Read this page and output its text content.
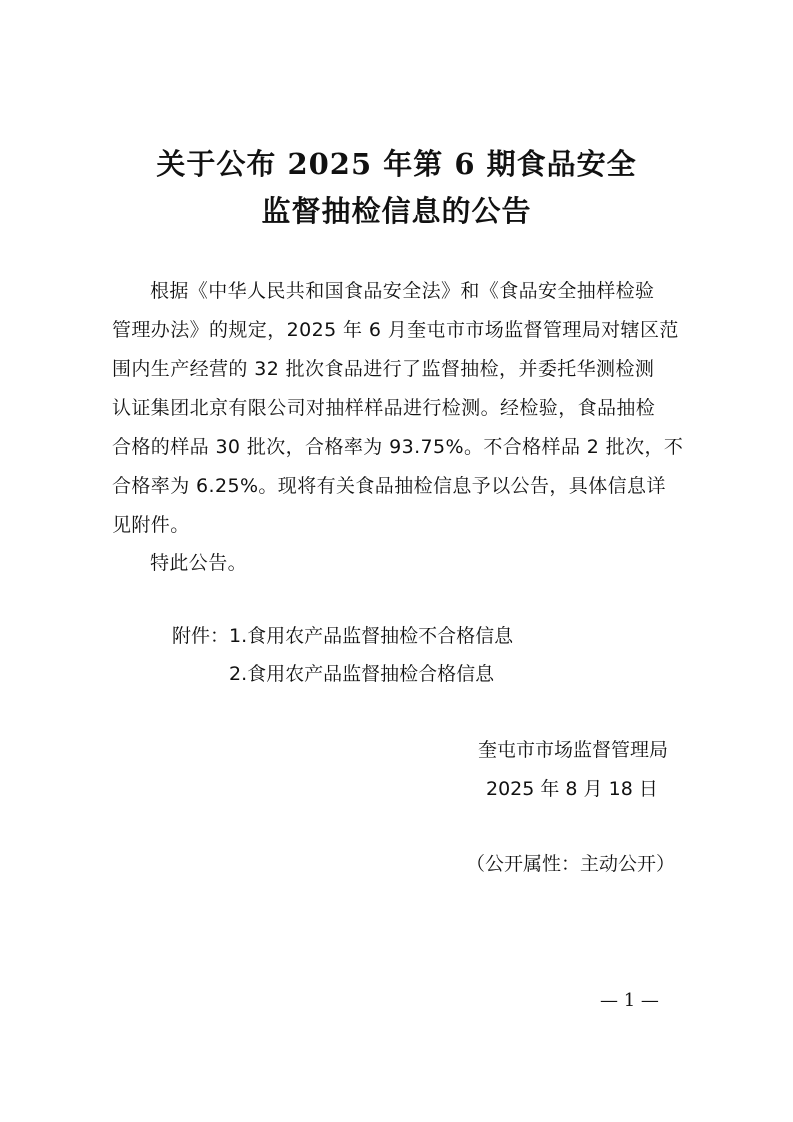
关于公布 2025 年第 6 期食品安全
监督抽检信息的公告
根据《中华人民共和国食品安全法》和《食品安全抽样检验
管理办法》的规定，2025 年 6 月奎屯市市场监督管理局对辖区范
围内生产经营的 32 批次食品进行了监督抽检，并委托华测检测
认证集团北京有限公司对抽样样品进行检测。经检验，食品抽检
合格的样品 30 批次，合格率为 93.75%。不合格样品 2 批次，不
合格率为 6.25%。现将有关食品抽检信息予以公告，具体信息详
见附件。
特此公告。
附件：1.食用农产品监督抽检不合格信息
2.食用农产品监督抽检合格信息
奎屯市市场监督管理局
2025 年 8 月 18 日
（公开属性：主动公开）
— 1 —
